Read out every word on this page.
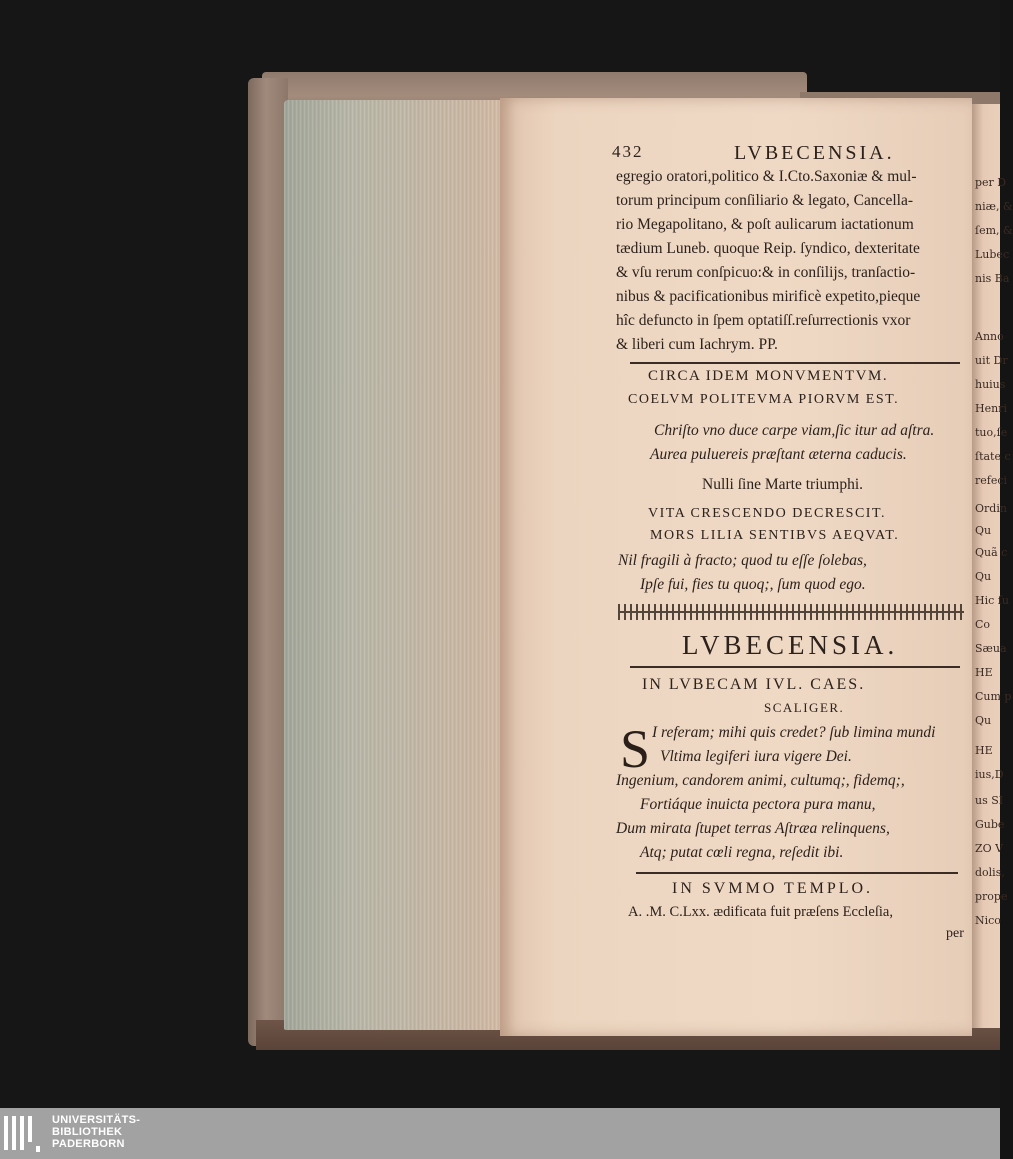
per D
niæ, &
ſem, &
Lubec
nis Ba
Anno
uit Dr
huius
Henri
tuo,ſe
ſtate c
refeci
Ordin
Qu
Quã c
Qu
Hic ſu
Co
Sæua
HE
Cum p
Qu
HE
ius,D
us SI
Gube
ZO V
dolis,
prope
Nico
432	LVBECENSIA.
egregio oratori,politico & I.Cto.Saxoniæ & mul-
torum principum conſiliario & legato, Cancella-
rio Megapolitano, & poſt aulicarum iactationum
tædium Luneb. quoque Reip. ſyndico, dexteritate
& vſu rerum conſpicuo:& in conſilijs, tranſactio-
nibus & pacificationibus mirificè expetito,pieque
hîc defuncto in ſpem optatiſſ.reſurrectionis vxor
& liberi cum Iachrym. PP.
CIRCA IDEM MONVMENTVM.
COELVM POLITEVMA PIORVM EST.
Chriſto vno duce carpe viam,ſic itur ad aſtra.
Aurea puluereis præſtant æterna caducis.
Nulli ſine Marte triumphi.
VITA CRESCENDO DECRESCIT.
MORS LILIA SENTIBVS AEQVAT.
Nil fragili à fracto; quod tu eſſe ſolebas,
Ipſe fui, fies tu quoq;, ſum quod ego.
LVBECENSIA.
IN LVBECAM IVL. CAES.
SCALIGER.
S I referam; mihi quis credet? ſub limina mundi
Vltima legiferi iura vigere Dei.
Ingenium, candorem animi, cultumq;, fidemq;,
Fortiáque inuicta pectora pura manu,
Dum mirata ſtupet terras Aſtræa relinquens,
Atq; putat cœli regna, reſedit ibi.
IN SVMMO TEMPLO.
A. .M. C.Lxx. ædificata fuit præſens Eccleſia,
per
UNIVERSITÄTS-
BIBLIOTHEK
PADERBORN
